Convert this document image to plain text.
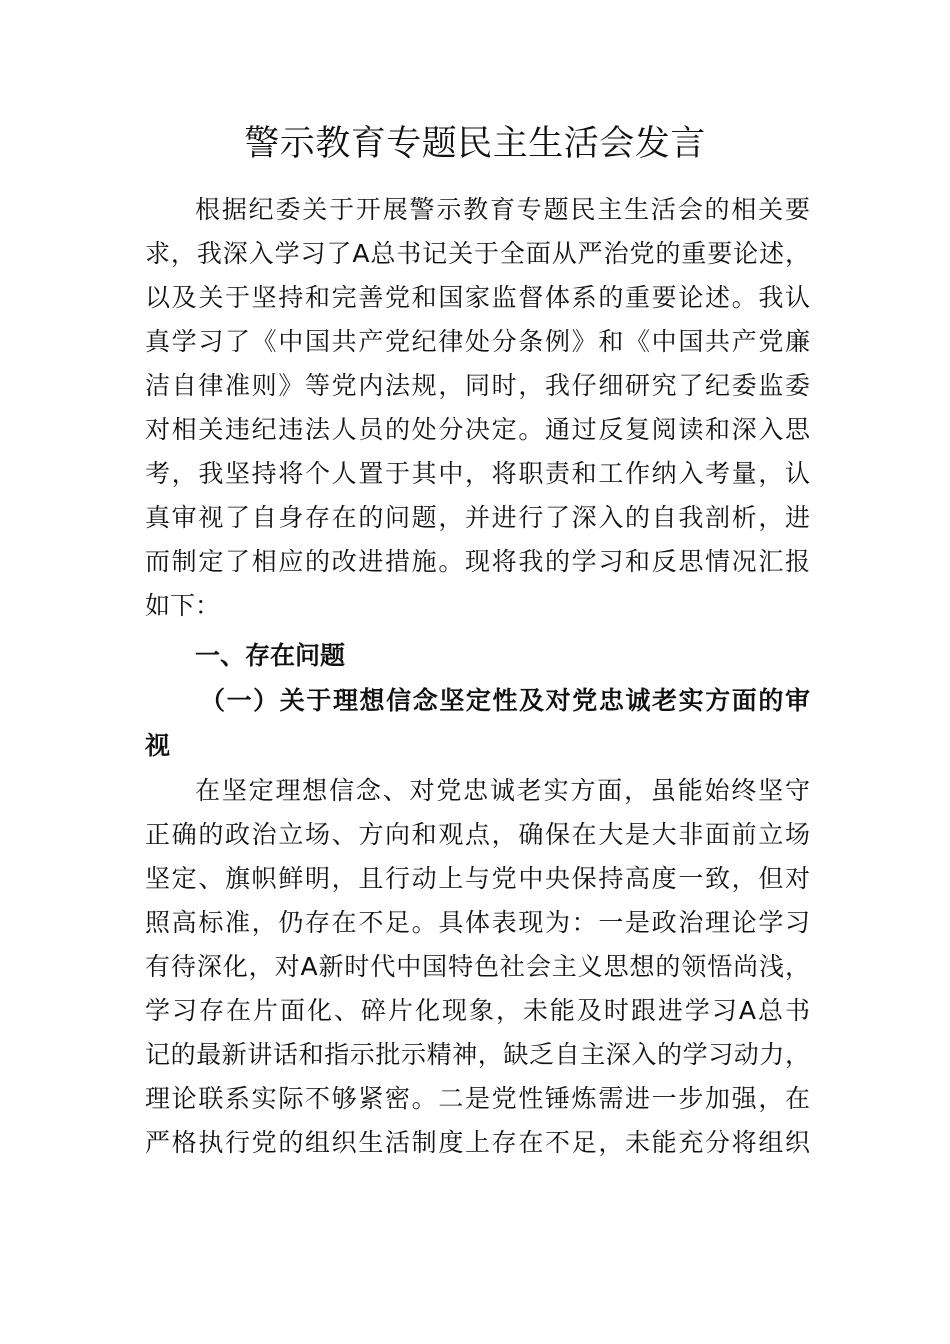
警示教育专题民主生活会发言
根据纪委关于开展警示教育专题民主生活会的相关要
求，我深入学习了A总书记关于全面从严治党的重要论述，
以及关于坚持和完善党和国家监督体系的重要论述。我认
真学习了《中国共产党纪律处分条例》和《中国共产党廉
洁自律准则》等党内法规，同时，我仔细研究了纪委监委
对相关违纪违法人员的处分决定。通过反复阅读和深入思
考，我坚持将个人置于其中，将职责和工作纳入考量，认
真审视了自身存在的问题，并进行了深入的自我剖析，进
而制定了相应的改进措施。现将我的学习和反思情况汇报
如下：
一、存在问题
（一）关于理想信念坚定性及对党忠诚老实方面的审
视
在坚定理想信念、对党忠诚老实方面，虽能始终坚守
正确的政治立场、方向和观点，确保在大是大非面前立场
坚定、旗帜鲜明，且行动上与党中央保持高度一致，但对
照高标准，仍存在不足。具体表现为：一是政治理论学习
有待深化，对A新时代中国特色社会主义思想的领悟尚浅，
学习存在片面化、碎片化现象，未能及时跟进学习A总书
记的最新讲话和指示批示精神，缺乏自主深入的学习动力，
理论联系实际不够紧密。二是党性锤炼需进一步加强，在
严格执行党的组织生活制度上存在不足，未能充分将组织
